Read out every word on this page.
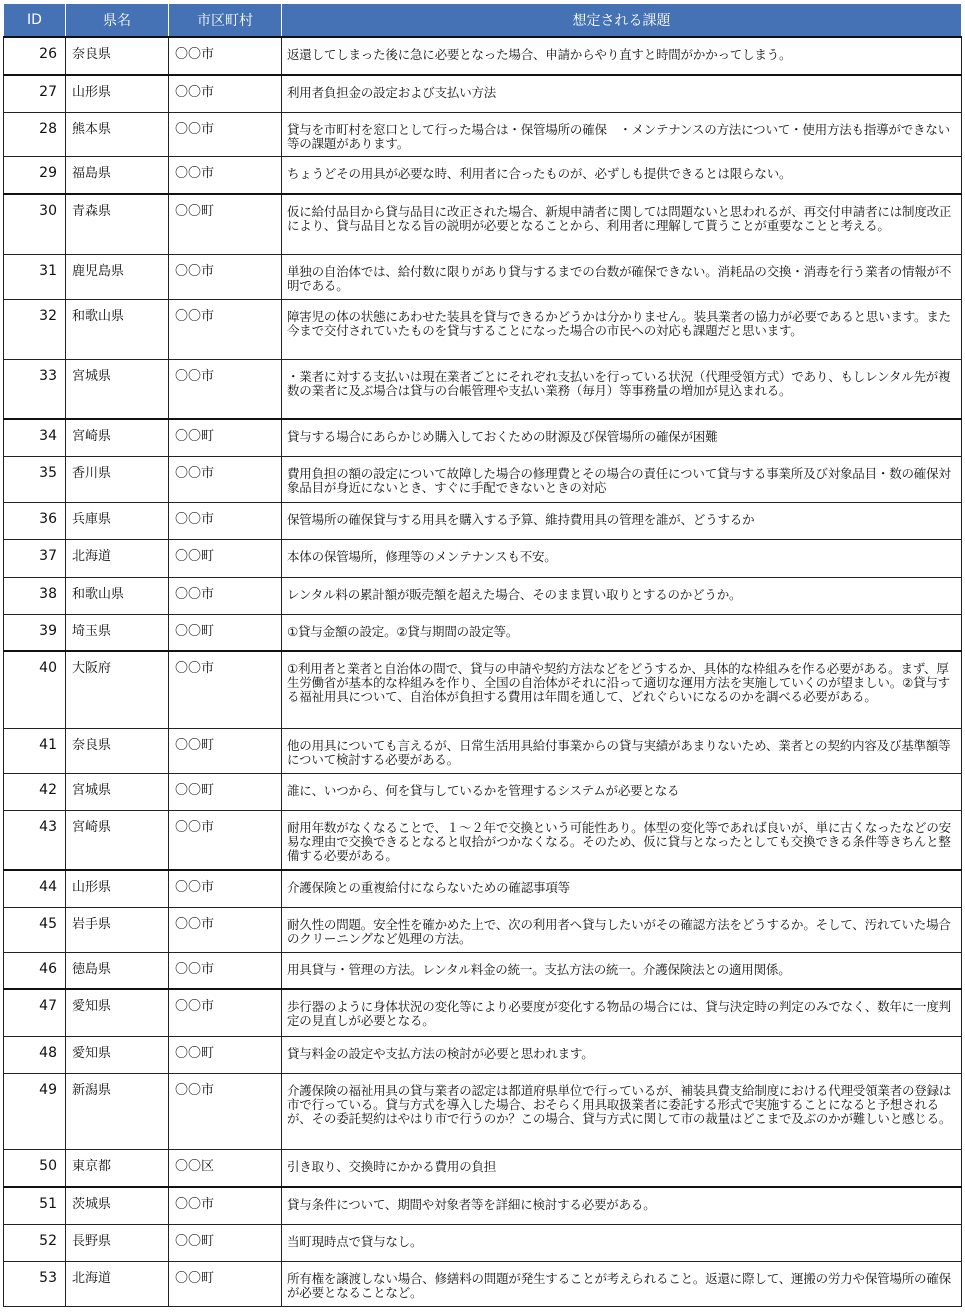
ID	県名	市区町村	想定される課題
26	奈良県	〇〇市	返還してしまった後に急に必要となった場合、申請からやり直すと時間がかかってしまう。
27	山形県	〇〇市	利用者負担金の設定および支払い方法
28	熊本県	〇〇市	貸与を市町村を窓口として行った場合は・保管場所の確保　・メンテナンスの方法について・使用方法も指導ができない等の課題があります。
29	福島県	〇〇市	ちょうどその用具が必要な時、利用者に合ったものが、必ずしも提供できるとは限らない。
30	青森県	〇〇町	仮に給付品目から貸与品目に改正された場合、新規申請者に関しては問題ないと思われるが、再交付申請者には制度改正により、貸与品目となる旨の説明が必要となることから、利用者に理解して貰うことが重要なことと考える。
31	鹿児島県	〇〇市	単独の自治体では、給付数に限りがあり貸与するまでの台数が確保できない。消耗品の交換・消毒を行う業者の情報が不明である。
32	和歌山県	〇〇市	障害児の体の状態にあわせた装具を貸与できるかどうかは分かりません。装具業者の協力が必要であると思います。また今まで交付されていたものを貸与することになった場合の市民への対応も課題だと思います。
33	宮城県	〇〇市	・業者に対する支払いは現在業者ごとにそれぞれ支払いを行っている状況（代理受領方式）であり、もしレンタル先が複数の業者に及ぶ場合は貸与の台帳管理や支払い業務（毎月）等事務量の増加が見込まれる。
34	宮崎県	〇〇町	貸与する場合にあらかじめ購入しておくための財源及び保管場所の確保が困難
35	香川県	〇〇市	費用負担の額の設定について故障した場合の修理費とその場合の責任について貸与する事業所及び対象品目・数の確保対象品目が身近にないとき、すぐに手配できないときの対応
36	兵庫県	〇〇市	保管場所の確保貸与する用具を購入する予算、維持費用具の管理を誰が、どうするか
37	北海道	〇〇町	本体の保管場所，修理等のメンテナンスも不安。
38	和歌山県	〇〇市	レンタル料の累計額が販売額を超えた場合、そのまま買い取りとするのかどうか。
39	埼玉県	〇〇町	①貸与金額の設定。②貸与期間の設定等。
40	大阪府	〇〇市	①利用者と業者と自治体の間で、貸与の申請や契約方法などをどうするか、具体的な枠組みを作る必要がある。まず、厚生労働省が基本的な枠組みを作り、全国の自治体がそれに沿って適切な運用方法を実施していくのが望ましい。②貸与する福祉用具について、自治体が負担する費用は年間を通して、どれぐらいになるのかを調べる必要がある。
41	奈良県	〇〇町	他の用具についても言えるが、日常生活用具給付事業からの貸与実績があまりないため、業者との契約内容及び基準額等について検討する必要がある。
42	宮城県	〇〇町	誰に、いつから、何を貸与しているかを管理するシステムが必要となる
43	宮崎県	〇〇市	耐用年数がなくなることで、１～２年で交換という可能性あり。体型の変化等であれば良いが、単に古くなったなどの安易な理由で交換できるとなると収拾がつかなくなる。そのため、仮に貸与となったとしても交換できる条件等きちんと整備する必要がある。
44	山形県	〇〇市	介護保険との重複給付にならないための確認事項等
45	岩手県	〇〇市	耐久性の問題。安全性を確かめた上で、次の利用者へ貸与したいがその確認方法をどうするか。そして、汚れていた場合のクリーニングなど処理の方法。
46	徳島県	〇〇市	用具貸与・管理の方法。レンタル料金の統一。支払方法の統一。介護保険法との適用関係。
47	愛知県	〇〇市	歩行器のように身体状況の変化等により必要度が変化する物品の場合には、貸与決定時の判定のみでなく、数年に一度判定の見直しが必要となる。
48	愛知県	〇〇町	貸与料金の設定や支払方法の検討が必要と思われます。
49	新潟県	〇〇市	介護保険の福祉用具の貸与業者の認定は都道府県単位で行っているが、補装具費支給制度における代理受領業者の登録は市で行っている。貸与方式を導入した場合、おそらく用具取扱業者に委託する形式で実施することになると予想されるが、その委託契約はやはり市で行うのか？この場合、貸与方式に関して市の裁量はどこまで及ぶのかが難しいと感じる。
50	東京都	〇〇区	引き取り、交換時にかかる費用の負担
51	茨城県	〇〇市	貸与条件について、期間や対象者等を詳細に検討する必要がある。
52	長野県	〇〇町	当町現時点で貸与なし。
53	北海道	〇〇町	所有権を譲渡しない場合、修繕料の問題が発生することが考えられること。返還に際して、運搬の労力や保管場所の確保が必要となることなど。
